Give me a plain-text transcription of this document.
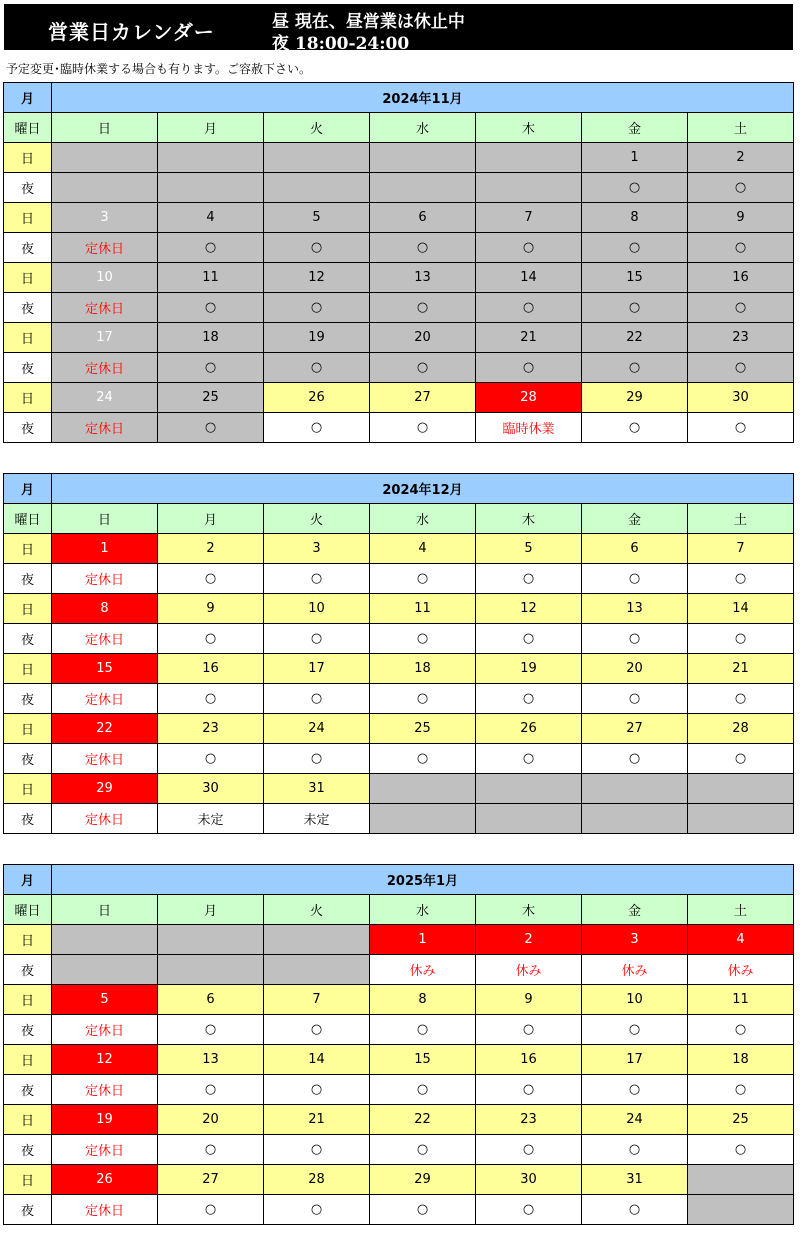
営業日カレンダー	昼 現在、昼営業は休止中
夜 18:00-24:00
予定変更･臨時休業する場合も有ります。ご容赦下さい。
月	2024年11月						
曜日	日	月	火	水	木	金	土
日						1	2
夜						○	○
日	3	4	5	6	7	8	9
夜	定休日	○	○	○	○	○	○
日	10	11	12	13	14	15	16
夜	定休日	○	○	○	○	○	○
日	17	18	19	20	21	22	23
夜	定休日	○	○	○	○	○	○
日	24	25	26	27	28	29	30
夜	定休日	○	○	○	臨時休業	○	○
月	2024年12月						
曜日	日	月	火	水	木	金	土
日	1	2	3	4	5	6	7
夜	定休日	○	○	○	○	○	○
日	8	9	10	11	12	13	14
夜	定休日	○	○	○	○	○	○
日	15	16	17	18	19	20	21
夜	定休日	○	○	○	○	○	○
日	22	23	24	25	26	27	28
夜	定休日	○	○	○	○	○	○
日	29	30	31				
夜	定休日	未定	未定				
月	2025年1月						
曜日	日	月	火	水	木	金	土
日				1	2	3	4
夜				休み	休み	休み	休み
日	5	6	7	8	9	10	11
夜	定休日	○	○	○	○	○	○
日	12	13	14	15	16	17	18
夜	定休日	○	○	○	○	○	○
日	19	20	21	22	23	24	25
夜	定休日	○	○	○	○	○	○
日	26	27	28	29	30	31	
夜	定休日	○	○	○	○	○	
